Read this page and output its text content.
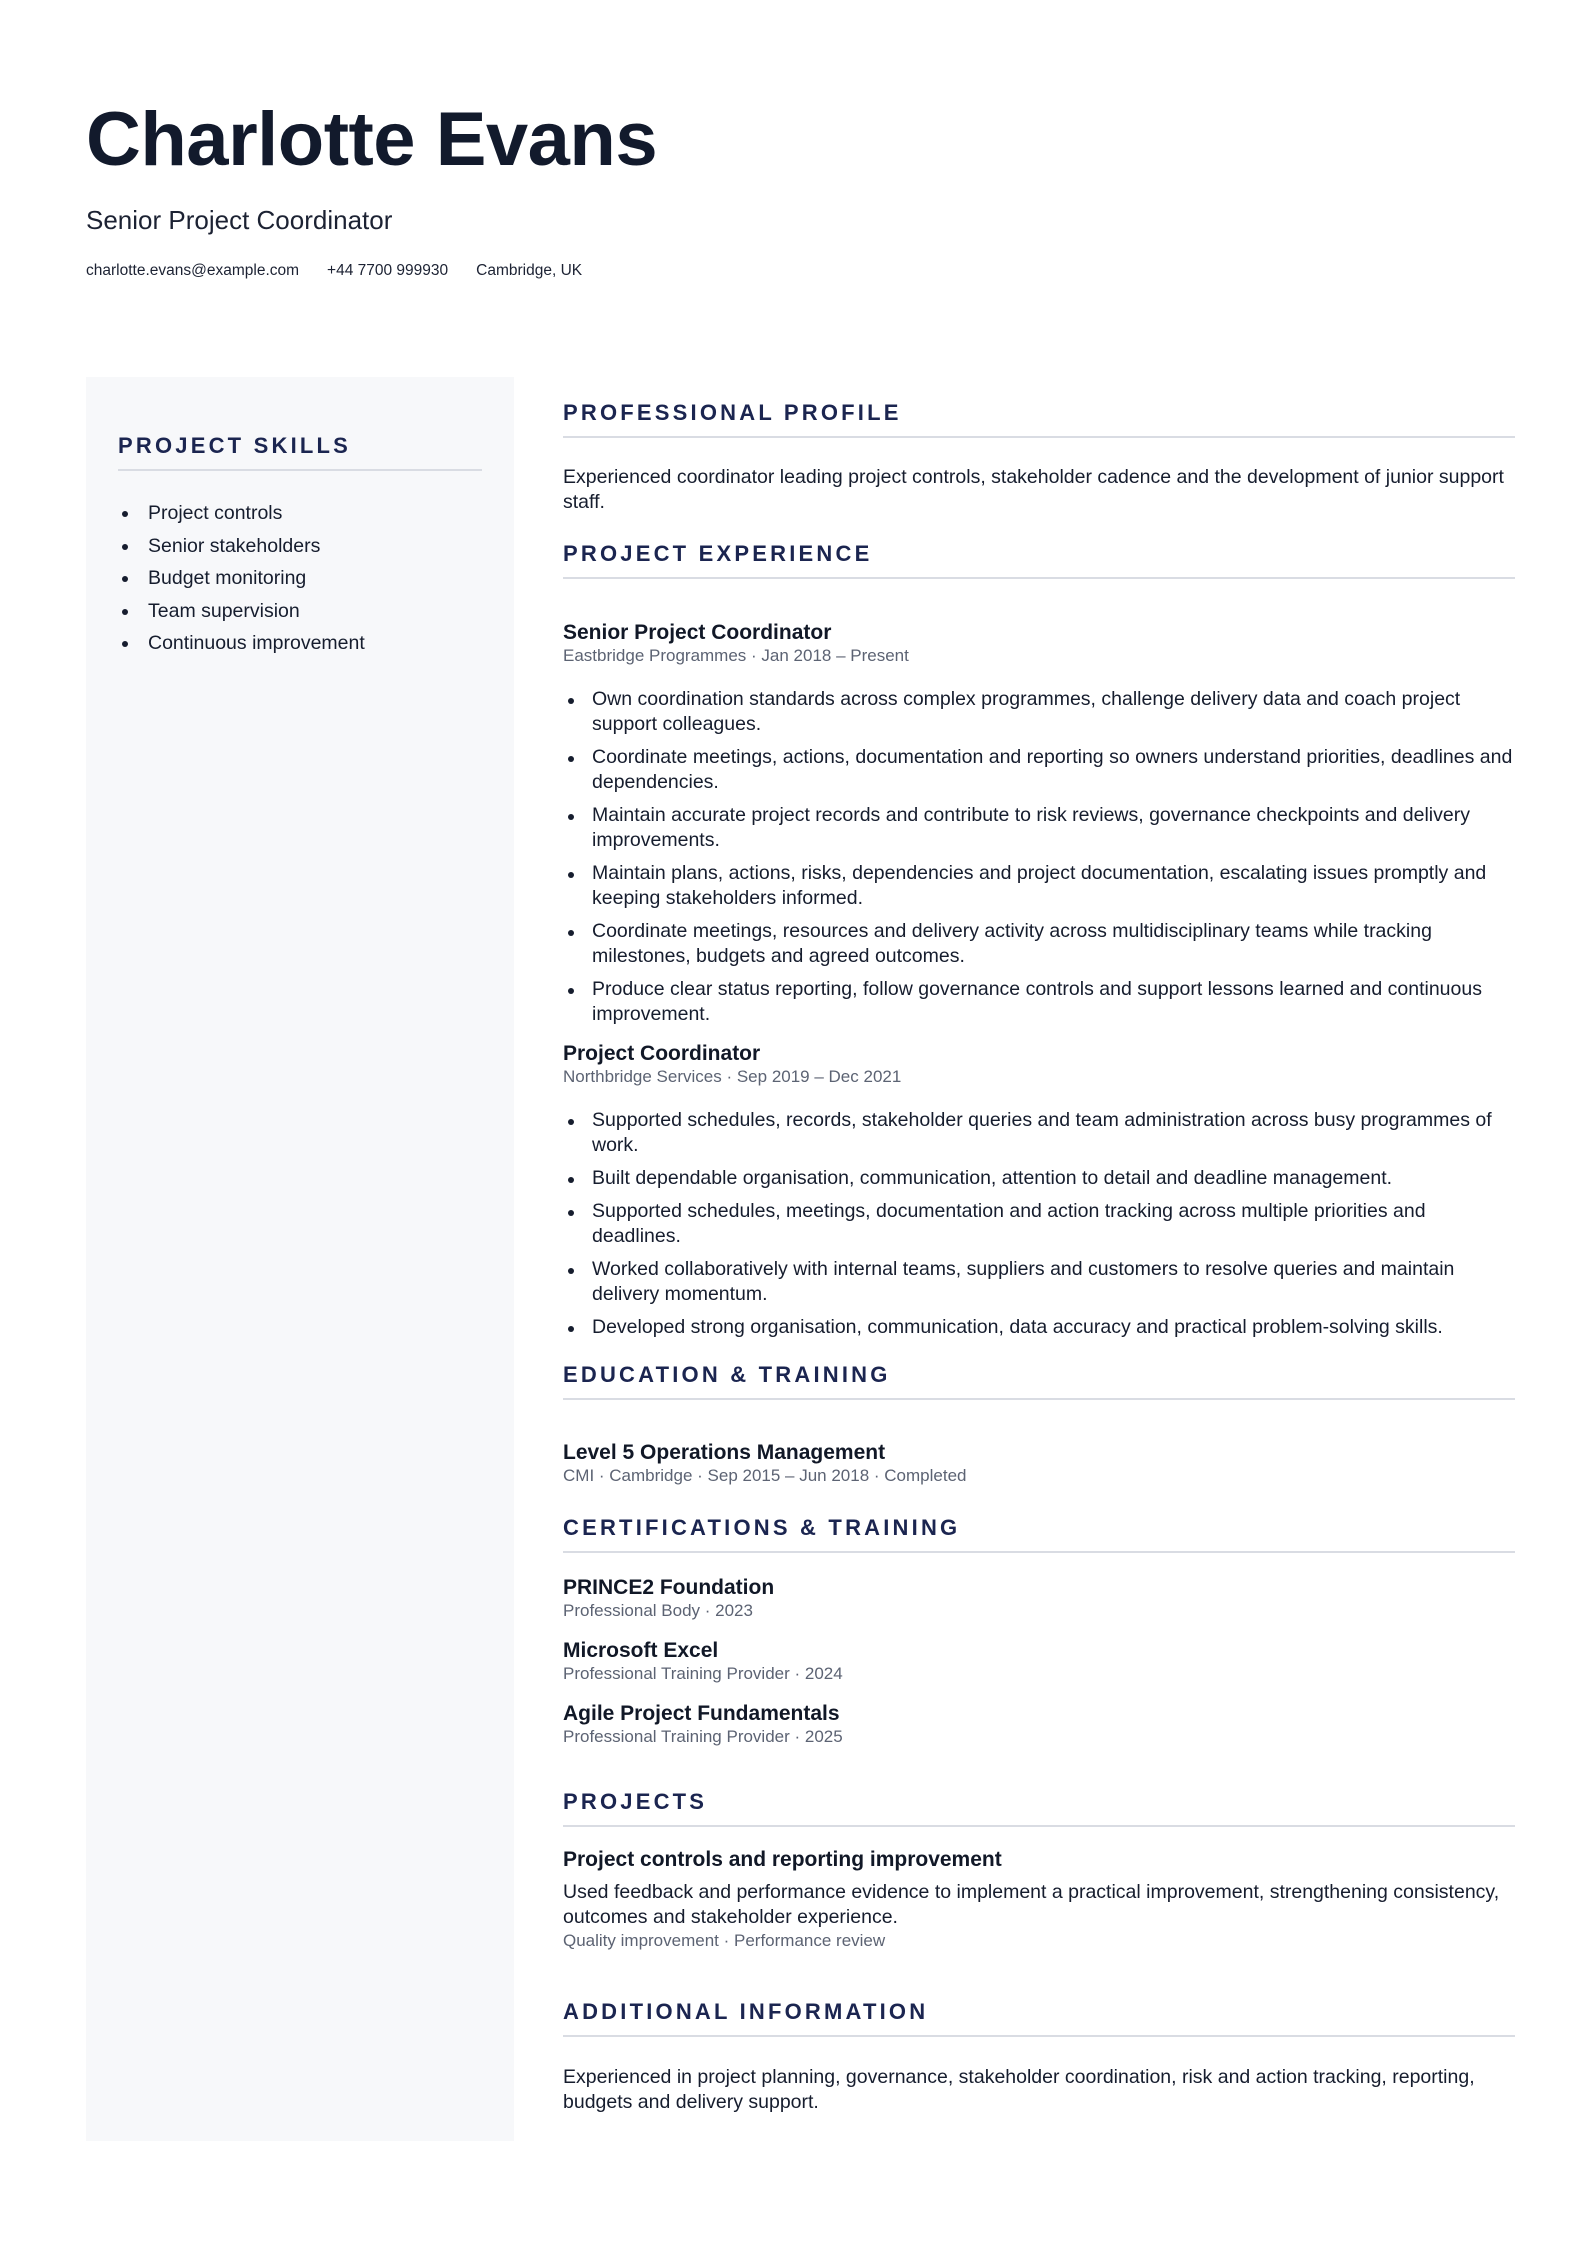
Charlotte Evans
Senior Project Coordinator
charlotte.evans@example.com +44 7700 999930 Cambridge, UK
PROJECT SKILLS
Project controls
Senior stakeholders
Budget monitoring
Team supervision
Continuous improvement
PROFESSIONAL PROFILE
Experienced coordinator leading project controls, stakeholder cadence and the development of junior support staff.
PROJECT EXPERIENCE
Senior Project Coordinator
Eastbridge Programmes · Jan 2018 – Present
Own coordination standards across complex programmes, challenge delivery data and coach project support colleagues.
Coordinate meetings, actions, documentation and reporting so owners understand priorities, deadlines and dependencies.
Maintain accurate project records and contribute to risk reviews, governance checkpoints and delivery improvements.
Maintain plans, actions, risks, dependencies and project documentation, escalating issues promptly and keeping stakeholders informed.
Coordinate meetings, resources and delivery activity across multidisciplinary teams while tracking milestones, budgets and agreed outcomes.
Produce clear status reporting, follow governance controls and support lessons learned and continuous improvement.
Project Coordinator
Northbridge Services · Sep 2019 – Dec 2021
Supported schedules, records, stakeholder queries and team administration across busy programmes of work.
Built dependable organisation, communication, attention to detail and deadline management.
Supported schedules, meetings, documentation and action tracking across multiple priorities and deadlines.
Worked collaboratively with internal teams, suppliers and customers to resolve queries and maintain delivery momentum.
Developed strong organisation, communication, data accuracy and practical problem-solving skills.
EDUCATION & TRAINING
Level 5 Operations Management
CMI · Cambridge · Sep 2015 – Jun 2018 · Completed
CERTIFICATIONS & TRAINING
PRINCE2 Foundation
Professional Body · 2023
Microsoft Excel
Professional Training Provider · 2024
Agile Project Fundamentals
Professional Training Provider · 2025
PROJECTS
Project controls and reporting improvement
Used feedback and performance evidence to implement a practical improvement, strengthening consistency, outcomes and stakeholder experience.
Quality improvement · Performance review
ADDITIONAL INFORMATION
Experienced in project planning, governance, stakeholder coordination, risk and action tracking, reporting, budgets and delivery support.
